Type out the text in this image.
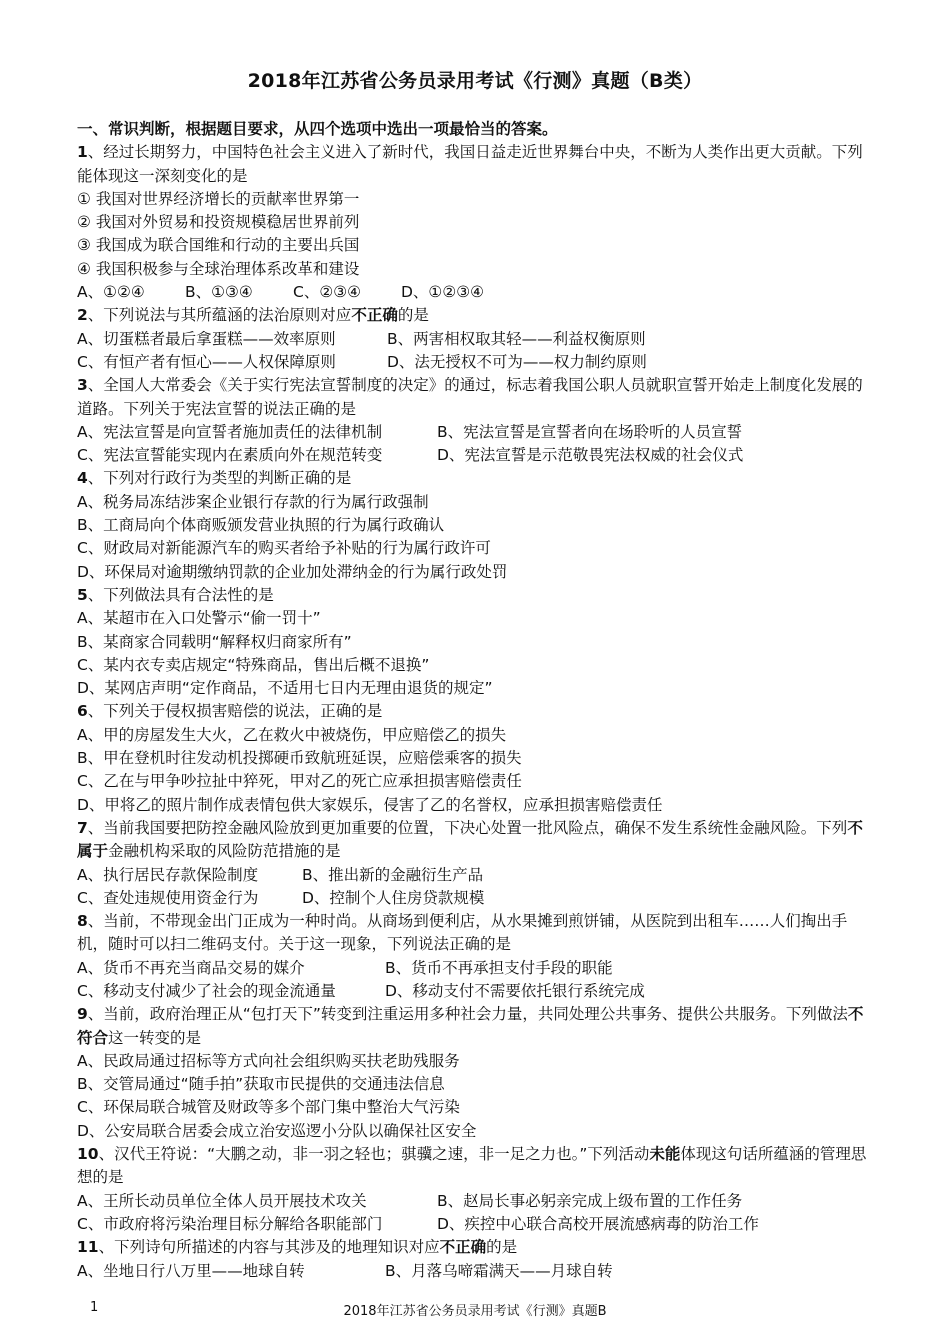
2018年江苏省公务员录用考试《行测》真题（B类）
一、常识判断，根据题目要求，从四个选项中选出一项最恰当的答案。
1、经过长期努力，中国特色社会主义进入了新时代，我国日益走近世界舞台中央，不断为人类作出更大贡献。下列能体现这一深刻变化的是
① 我国对世界经济增长的贡献率世界第一
② 我国对外贸易和投资规模稳居世界前列
③ 我国成为联合国维和行动的主要出兵国
④ 我国积极参与全球治理体系改革和建设
A、①②④	B、①③④	C、②③④	D、①②③④
2、下列说法与其所蕴涵的法治原则对应不正确的是
A、切蛋糕者最后拿蛋糕——效率原则	B、两害相权取其轻——利益权衡原则
C、有恒产者有恒心——人权保障原则	D、法无授权不可为——权力制约原则
3、全国人大常委会《关于实行宪法宣誓制度的决定》的通过，标志着我国公职人员就职宣誓开始走上制度化发展的道路。下列关于宪法宣誓的说法正确的是
A、宪法宣誓是向宣誓者施加责任的法律机制	B、宪法宣誓是宣誓者向在场聆听的人员宣誓
C、宪法宣誓能实现内在素质向外在规范转变	D、宪法宣誓是示范敬畏宪法权威的社会仪式
4、下列对行政行为类型的判断正确的是
A、税务局冻结涉案企业银行存款的行为属行政强制
B、工商局向个体商贩颁发营业执照的行为属行政确认
C、财政局对新能源汽车的购买者给予补贴的行为属行政许可
D、环保局对逾期缴纳罚款的企业加处滞纳金的行为属行政处罚
5、下列做法具有合法性的是
A、某超市在入口处警示“偷一罚十”
B、某商家合同载明“解释权归商家所有”
C、某内衣专卖店规定“特殊商品，售出后概不退换”
D、某网店声明“定作商品，不适用七日内无理由退货的规定”
6、下列关于侵权损害赔偿的说法，正确的是
A、甲的房屋发生大火，乙在救火中被烧伤，甲应赔偿乙的损失
B、甲在登机时往发动机投掷硬币致航班延误，应赔偿乘客的损失
C、乙在与甲争吵拉扯中猝死，甲对乙的死亡应承担损害赔偿责任
D、甲将乙的照片制作成表情包供大家娱乐，侵害了乙的名誉权，应承担损害赔偿责任
7、当前我国要把防控金融风险放到更加重要的位置，下决心处置一批风险点，确保不发生系统性金融风险。下列不属于金融机构采取的风险防范措施的是
A、执行居民存款保险制度	B、推出新的金融衍生产品
C、查处违规使用资金行为	D、控制个人住房贷款规模
8、当前，不带现金出门正成为一种时尚。从商场到便利店，从水果摊到煎饼铺，从医院到出租车……人们掏出手机，随时可以扫二维码支付。关于这一现象，下列说法正确的是
A、货币不再充当商品交易的媒介	B、货币不再承担支付手段的职能
C、移动支付减少了社会的现金流通量	D、移动支付不需要依托银行系统完成
9、当前，政府治理正从“包打天下”转变到注重运用多种社会力量，共同处理公共事务、提供公共服务。下列做法不符合这一转变的是
A、民政局通过招标等方式向社会组织购买扶老助残服务
B、交管局通过“随手拍”获取市民提供的交通违法信息
C、环保局联合城管及财政等多个部门集中整治大气污染
D、公安局联合居委会成立治安巡逻小分队以确保社区安全
10、汉代王符说：“大鹏之动，非一羽之轻也；骐骥之速，非一足之力也。”下列活动未能体现这句话所蕴涵的管理思想的是
A、王所长动员单位全体人员开展技术攻关	B、赵局长事必躬亲完成上级布置的工作任务
C、市政府将污染治理目标分解给各职能部门	D、疾控中心联合高校开展流感病毒的防治工作
11、下列诗句所描述的内容与其涉及的地理知识对应不正确的是
A、坐地日行八万里——地球自转	B、月落乌啼霜满天——月球自转
1	2018年江苏省公务员录用考试《行测》真题B
